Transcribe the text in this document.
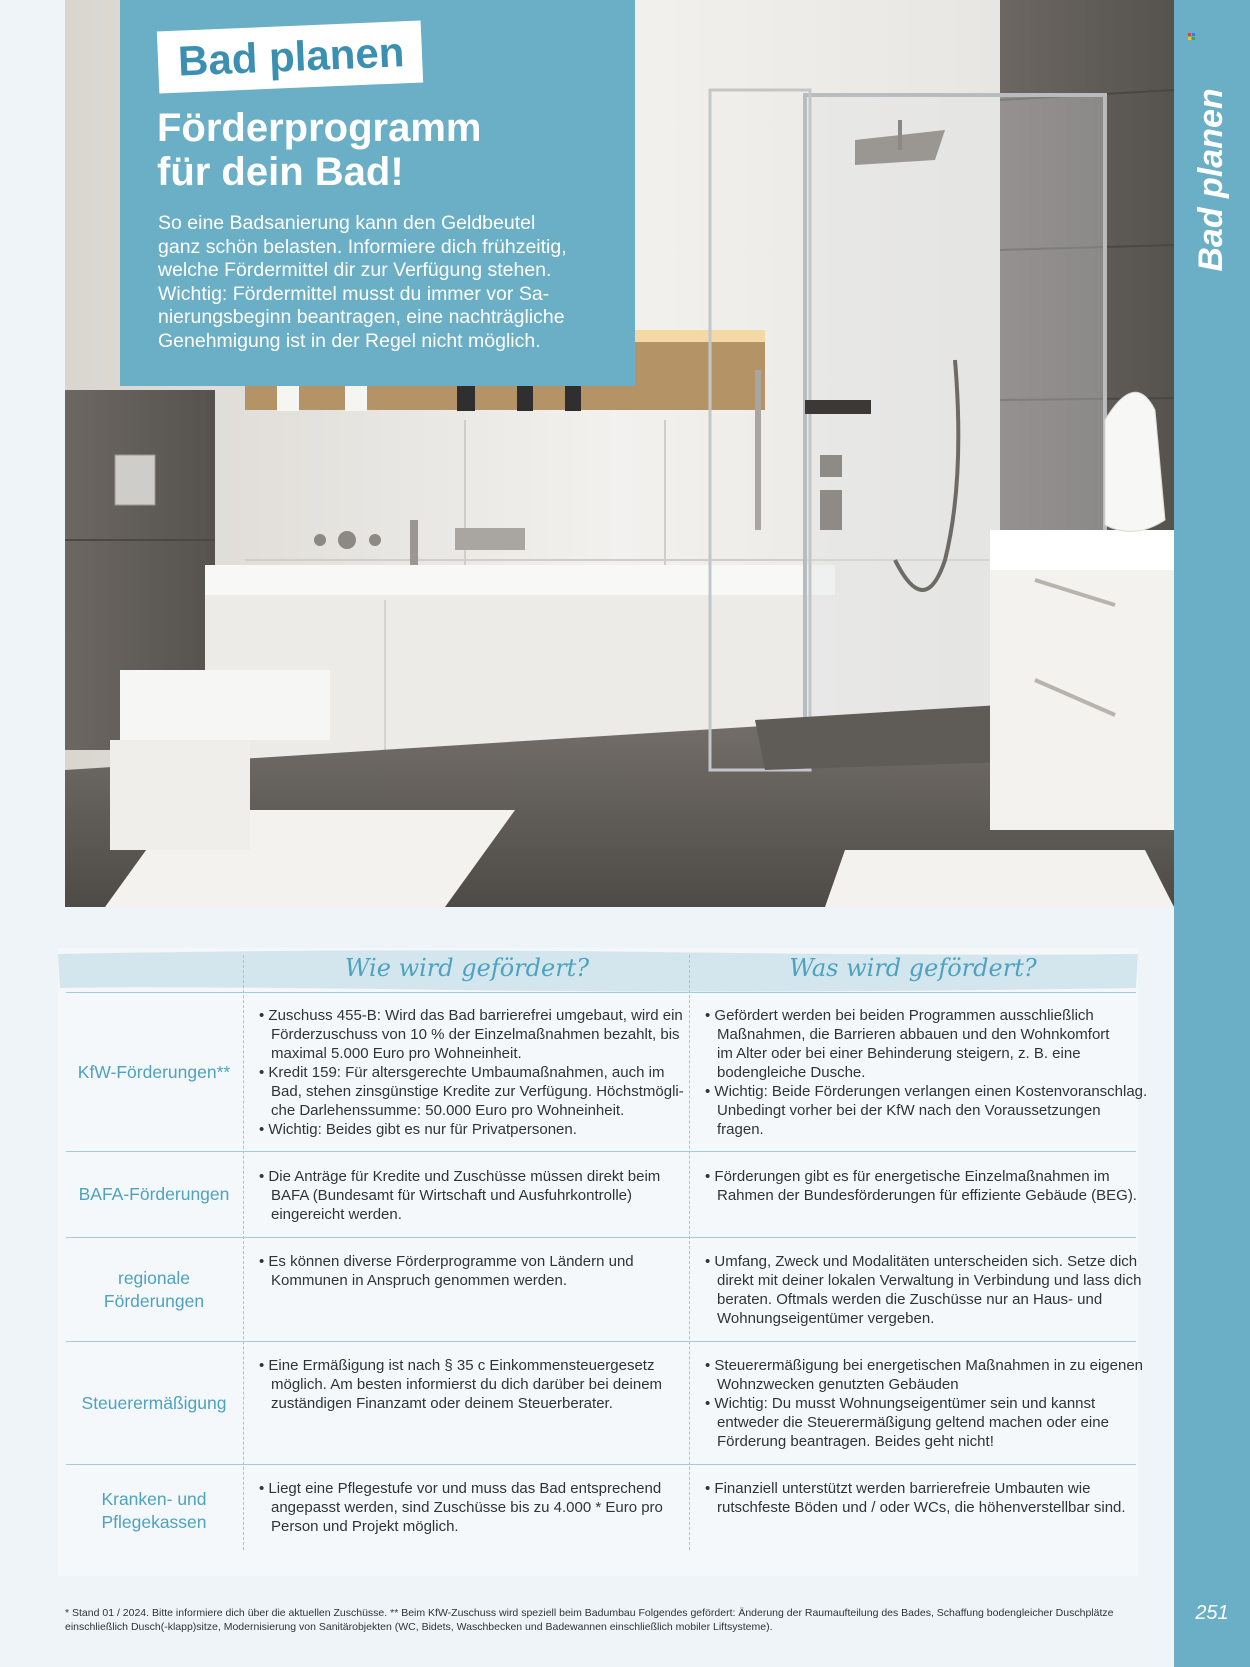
Bad planen
251
Bad planen
Förderprogramm
für dein Bad!
So eine Badsanierung kann den Geldbeutel
ganz schön belasten. Informiere dich frühzeitig,
welche Fördermittel dir zur Verfügung stehen.
Wichtig: Fördermittel musst du immer vor Sa-
nierungsbeginn beantragen, eine nachträgliche
Genehmigung ist in der Regel nicht möglich.
Wie wird gefördert?	Was wird gefördert?
KfW-Förderungen**
• Zuschuss 455-B: Wird das Bad barrierefrei umgebaut, wird ein
Förderzuschuss von 10 % der Einzelmaßnahmen bezahlt, bis
maximal 5.000 Euro pro Wohneinheit.
• Kredit 159: Für altersgerechte Umbaumaßnahmen, auch im
Bad, stehen zinsgünstige Kredite zur Verfügung. Höchstmögli-
che Darlehenssumme: 50.000 Euro pro Wohneinheit.
• Wichtig: Beides gibt es nur für Privatpersonen.
• Gefördert werden bei beiden Programmen ausschließlich
Maßnahmen, die Barrieren abbauen und den Wohnkomfort
im Alter oder bei einer Behinderung steigern, z. B. eine
bodengleiche Dusche.
• Wichtig: Beide Förderungen verlangen einen Kostenvoranschlag.
Unbedingt vorher bei der KfW nach den Voraussetzungen
fragen.
BAFA-Förderungen
• Die Anträge für Kredite und Zuschüsse müssen direkt beim
BAFA (Bundesamt für Wirtschaft und Ausfuhrkontrolle)
eingereicht werden.
• Förderungen gibt es für energetische Einzelmaßnahmen im
Rahmen der Bundesförderungen für effiziente Gebäude (BEG).
regionale
Förderungen
• Es können diverse Förderprogramme von Ländern und
Kommunen in Anspruch genommen werden.
• Umfang, Zweck und Modalitäten unterscheiden sich. Setze dich
direkt mit deiner lokalen Verwaltung in Verbindung und lass dich
beraten. Oftmals werden die Zuschüsse nur an Haus- und
Wohnungseigentümer vergeben.
Steuerermäßigung
• Eine Ermäßigung ist nach § 35 c Einkommensteuergesetz
möglich. Am besten informierst du dich darüber bei deinem
zuständigen Finanzamt oder deinem Steuerberater.
• Steuerermäßigung bei energetischen Maßnahmen in zu eigenen
Wohnzwecken genutzten Gebäuden
• Wichtig: Du musst Wohnungseigentümer sein und kannst
entweder die Steuerermäßigung geltend machen oder eine
Förderung beantragen. Beides geht nicht!
Kranken- und
Pflegekassen
• Liegt eine Pflegestufe vor und muss das Bad entsprechend
angepasst werden, sind Zuschüsse bis zu 4.000 * Euro pro
Person und Projekt möglich.
• Finanziell unterstützt werden barrierefreie Umbauten wie
rutschfeste Böden und / oder WCs, die höhenverstellbar sind.
* Stand 01 / 2024. Bitte informiere dich über die aktuellen Zuschüsse. ** Beim KfW-Zuschuss wird speziell beim Badumbau Folgendes gefördert: Änderung der Raumaufteilung des Bades, Schaffung bodengleicher Duschplätze
einschließlich Dusch(-klapp)sitze, Modernisierung von Sanitärobjekten (WC, Bidets, Waschbecken und Badewannen einschließlich mobiler Liftsysteme).
